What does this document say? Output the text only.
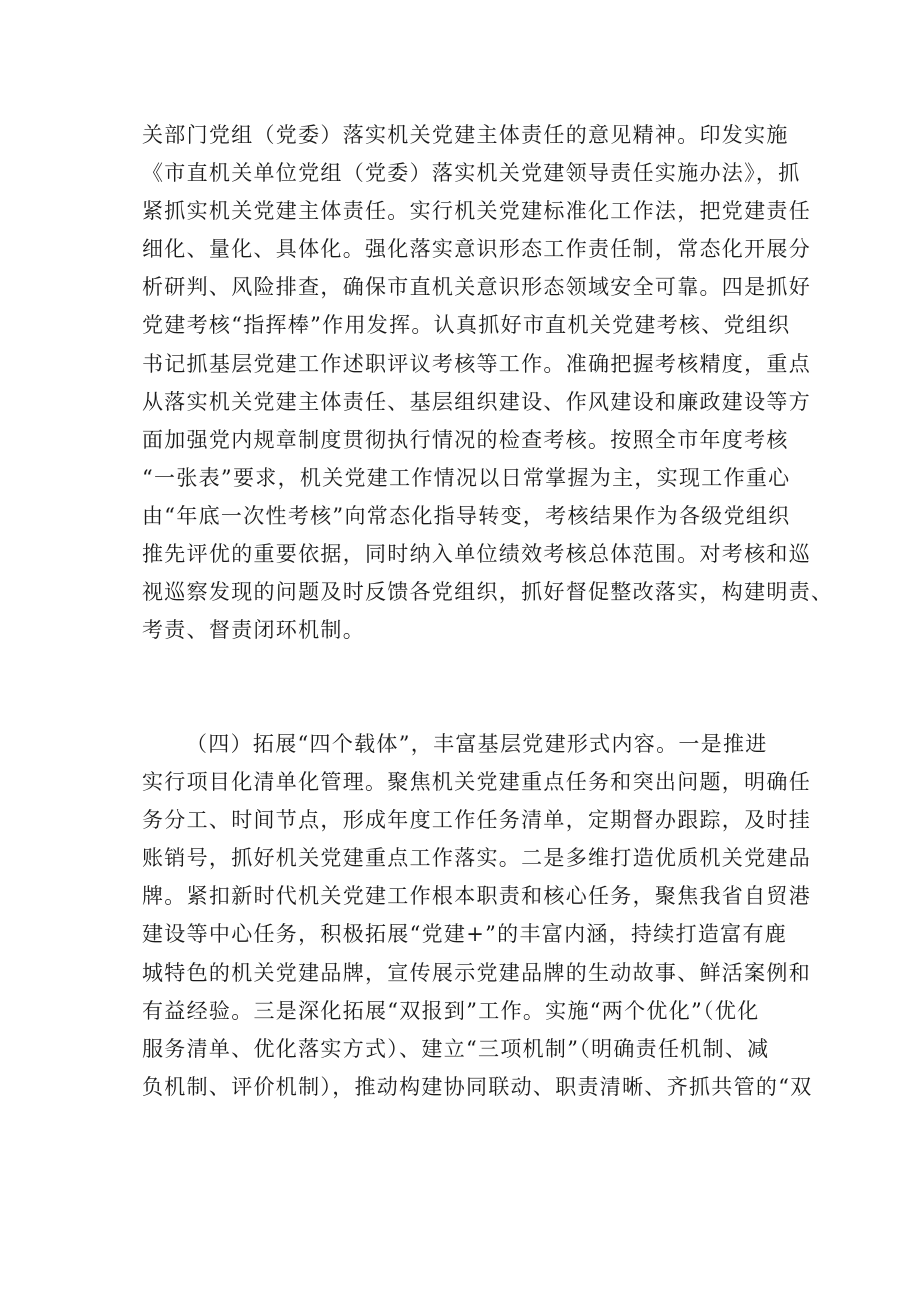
关部门党组（党委）落实机关党建主体责任的意见精神。印发实施
《市直机关单位党组（党委）落实机关党建领导责任实施办法》，抓
紧抓实机关党建主体责任。实行机关党建标准化工作法，把党建责任
细化、量化、具体化。强化落实意识形态工作责任制，常态化开展分
析研判、风险排查，确保市直机关意识形态领域安全可靠。四是抓好
党建考核“指挥棒”作用发挥。认真抓好市直机关党建考核、党组织
书记抓基层党建工作述职评议考核等工作。准确把握考核精度，重点
从落实机关党建主体责任、基层组织建设、作风建设和廉政建设等方
面加强党内规章制度贯彻执行情况的检查考核。按照全市年度考核
“一张表”要求，机关党建工作情况以日常掌握为主，实现工作重心
由“年底一次性考核”向常态化指导转变，考核结果作为各级党组织
推先评优的重要依据，同时纳入单位绩效考核总体范围。对考核和巡
视巡察发现的问题及时反馈各党组织，抓好督促整改落实，构建明责、
考责、督责闭环机制。
（四）拓展“四个载体”，丰富基层党建形式内容。一是推进
实行项目化清单化管理。聚焦机关党建重点任务和突出问题，明确任
务分工、时间节点，形成年度工作任务清单，定期督办跟踪，及时挂
账销号，抓好机关党建重点工作落实。二是多维打造优质机关党建品
牌。紧扣新时代机关党建工作根本职责和核心任务，聚焦我省自贸港
建设等中心任务，积极拓展“党建+”的丰富内涵，持续打造富有鹿
城特色的机关党建品牌，宣传展示党建品牌的生动故事、鲜活案例和
有益经验。三是深化拓展“双报到”工作。实施“两个优化”（优化
服务清单、优化落实方式）、建立“三项机制”（明确责任机制、减
负机制、评价机制），推动构建协同联动、职责清晰、齐抓共管的“双
